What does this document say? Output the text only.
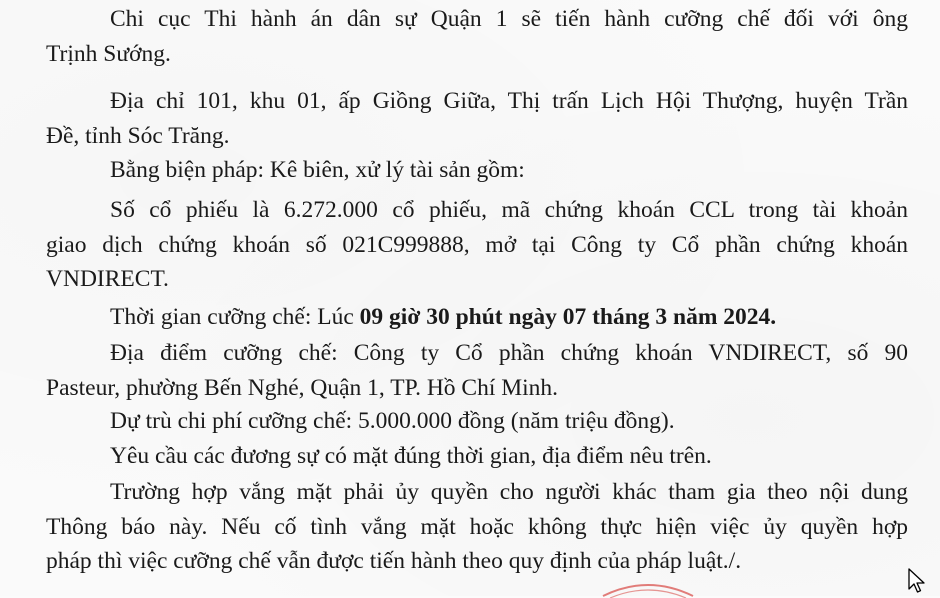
Chi cục Thi hành án dân sự Quận 1 sẽ tiến hành cưỡng chế đối với ông
Trịnh Sướng.
Địa chỉ 101, khu 01, ấp Giồng Giữa, Thị trấn Lịch Hội Thượng, huyện Trần
Đề, tỉnh Sóc Trăng.
Bằng biện pháp: Kê biên, xử lý tài sản gồm:
Số cổ phiếu là 6.272.000 cổ phiếu, mã chứng khoán CCL trong tài khoản
giao dịch chứng khoán số 021C999888, mở tại Công ty Cổ phần chứng khoán
VNDIRECT.
Thời gian cưỡng chế: Lúc 09 giờ 30 phút ngày 07 tháng 3 năm 2024.
Địa điểm cưỡng chế: Công ty Cổ phần chứng khoán VNDIRECT, số 90
Pasteur, phường Bến Nghé, Quận 1, TP. Hồ Chí Minh.
Dự trù chi phí cưỡng chế: 5.000.000 đồng (năm triệu đồng).
Yêu cầu các đương sự có mặt đúng thời gian, địa điểm nêu trên.
Trường hợp vắng mặt phải ủy quyền cho người khác tham gia theo nội dung
Thông báo này. Nếu cố tình vắng mặt hoặc không thực hiện việc ủy quyền hợp
pháp thì việc cưỡng chế vẫn được tiến hành theo quy định của pháp luật./.
